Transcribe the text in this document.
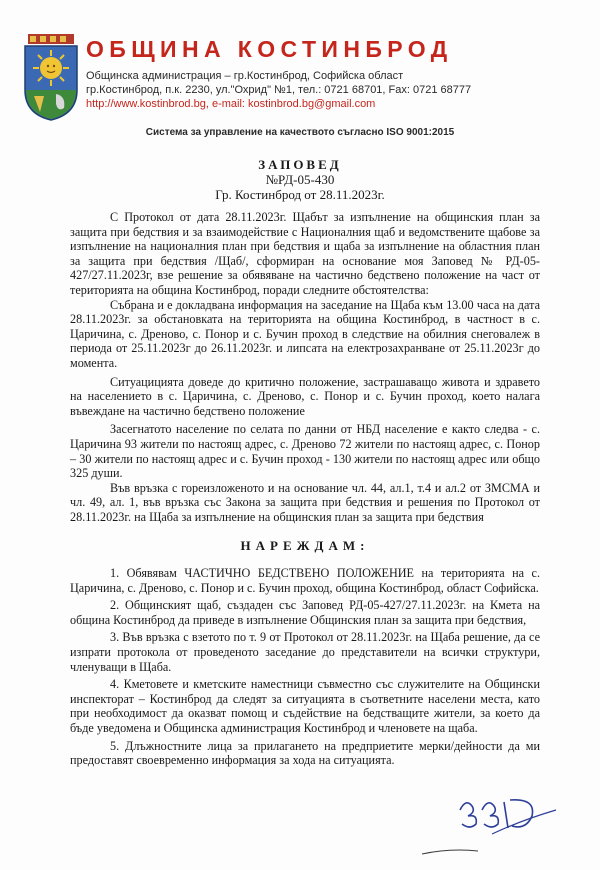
ОБЩИНА КОСТИНБРОД
Общинска администрация – гр.Костинброд, Софийска област
гр.Костинброд, п.к. 2230, ул."Охрид" №1, тел.: 0721 68701, Fax: 0721 68777
http://www.kostinbrod.bg, e-mail: kostinbrod.bg@gmail.com
Система за управление на качеството съгласно ISO 9001:2015
ЗАПОВЕД
№РД-05-430
Гр. Костинброд от 28.11.2023г.

С Протокол от дата 28.11.2023г. Щабът за изпълнение на общинския план за защита при бедствия и за взаимодействие с Националния щаб и ведомствените щабове за изпълнение на националния план при бедствия и щаба за изпълнение на областния план за защита при бедствия /Щаб/, сформиран на основание моя Заповед № РД-05-427/27.11.2023г, взе решение за обявяване на частично бедствено положение на част от територията на община Костинброд, поради следните обстоятелства:

Събрана и е докладвана информация на заседание на Щаба към 13.00 часа на дата 28.11.2023г. за обстановката на територията на община Костинброд, в частност в с. Царичина, с. Дреново, с. Понор и с. Бучин проход в следствие на обилния снеговалеж в периода от 25.11.2023г до 26.11.2023г. и липсата на електрозахранване от 25.11.2023г до момента.

Ситуацицията доведе до критично положение, застрашаващо живота и здравето на населението в с. Царичина, с. Дреново, с. Понор и с. Бучин проход, което налага въвеждане на частично бедствено положение

Засегнатото население по селата по данни от НБД население е както следва - с. Царичина 93 жители по настоящ адрес, с. Дреново 72 жители по настоящ адрес, с. Понор – 30 жители по настоящ адрес и с. Бучин проход - 130 жители по настоящ адрес или общо 325 души.

Във връзка с гореизложеното и на основание чл. 44, ал.1, т.4 и ал.2 от ЗМСМА и чл. 49, ал. 1, във връзка със Закона за защита при бедствия и решения по Протокол от 28.11.2023г. на Щаба за изпълнение на общинския план за защита при бедствия

НАРЕЖДАМ:

1. Обявявам ЧАСТИЧНО БЕДСТВЕНО ПОЛОЖЕНИЕ на територията на с. Царичина, с. Дреново, с. Понор и с. Бучин проход, община Костинброд, област Софийска.

2. Общинският щаб, създаден със Заповед РД-05-427/27.11.2023г. на Кмета на община Костинброд да приведе в изпълнение Общинския план за защита при бедствия,

3. Във връзка с взетото по т. 9 от Протокол от 28.11.2023г. на Щаба решение, да се изпрати протокола от проведеното заседание до представители на всички структури, членуващи в Щаба.

4. Кметовете и кметските наместници съвместно със служителите на Общински инспекторат – Костинброд да следят за ситуацията в съответните населени места, като при необходимост да оказват помощ и съдействие на бедстващите жители, за което да бъде уведомена и Общинска администрация Костинброд и членовете на щаба.

5. Длъжностните лица за прилагането на предприетите мерки/дейности да ми предоставят своевременно информация за хода на ситуацията.
